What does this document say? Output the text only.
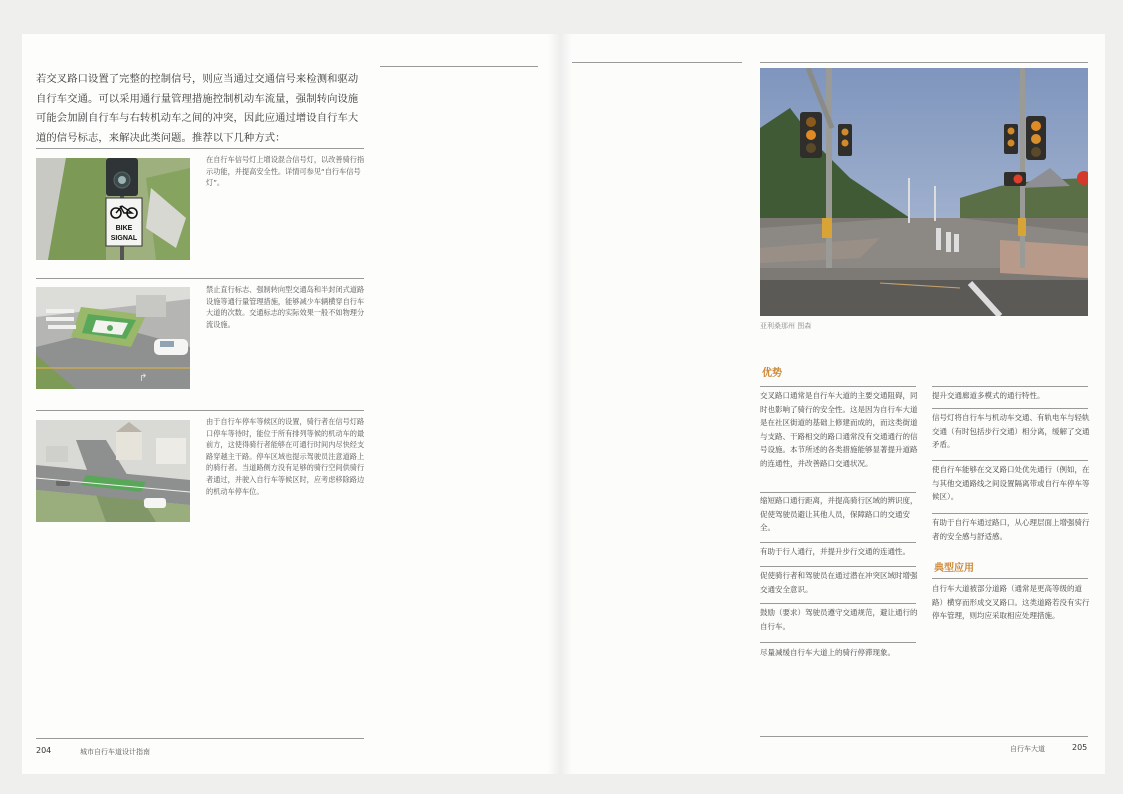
若交叉路口设置了完整的控制信号，则应当通过交通信号来检测和驱动自行车交通。可以采用通行量管理措施控制机动车流量，强制转向设施可能会加剧自行车与右转机动车之间的冲突，因此应通过增设自行车大道的信号标志，来解决此类问题。推荐以下几种方式：

BIKE
SIGNAL

在自行车信号灯上增设混合信号灯，以改善骑行指示功能，并提高安全性。详情可参见“自行车信号灯”。

↱

禁止直行标志、强制转向型交通岛和半封闭式道路设施等通行量管理措施，能够减少车辆横穿自行车大道的次数。交通标志的实际效果一般不如物理分流设施。

由于自行车停车等候区的设置，骑行者在信号灯路口停车等待时，能位于所有排列等候的机动车的最前方，这使得骑行者能够在可通行时间内尽快经支路穿越主干路。停车区域也提示驾驶员注意道路上的骑行者。当道路侧方没有足够的骑行空间供骑行者通过，并驶入自行车等候区时，应考虑移除路边的机动车停车位。

204	城市自行车道设计指南
亚利桑那州 图森
优势

交叉路口通常是自行车大道的主要交通阻碍，同时也影响了骑行的安全性。这是因为自行车大道是在社区街道的基础上修建而成的，而这类街道与支路、干路相交的路口通常没有交通通行的信号设施。本节所述的各类措施能够显著提升道路的连通性，并改善路口交通状况。

缩短路口通行距离，并提高骑行区域的辨识度，促使驾驶员避让其他人员，保障路口的交通安全。

有助于行人通行，并提升步行交通的连通性。

促使骑行者和驾驶员在通过潜在冲突区域时增强交通安全意识。

鼓励（要求）驾驶员遵守交通规范，避让通行的自行车。

尽量减缓自行车大道上的骑行停滞现象。

提升交通廊道多模式的通行特性。

信号灯将自行车与机动车交通、有轨电车与轻轨交通（有时包括步行交通）相分离，缓解了交通矛盾。

使自行车能够在交叉路口处优先通行（例如，在与其他交通路线之间设置隔离带或自行车停车等候区）。

有助于自行车通过路口，从心理层面上增强骑行者的安全感与舒适感。

典型应用

自行车大道被部分道路（通常是更高等级的道路）横穿而形成交叉路口。这类道路若没有实行停车管理，则均应采取相应处理措施。

自行车大道	205
